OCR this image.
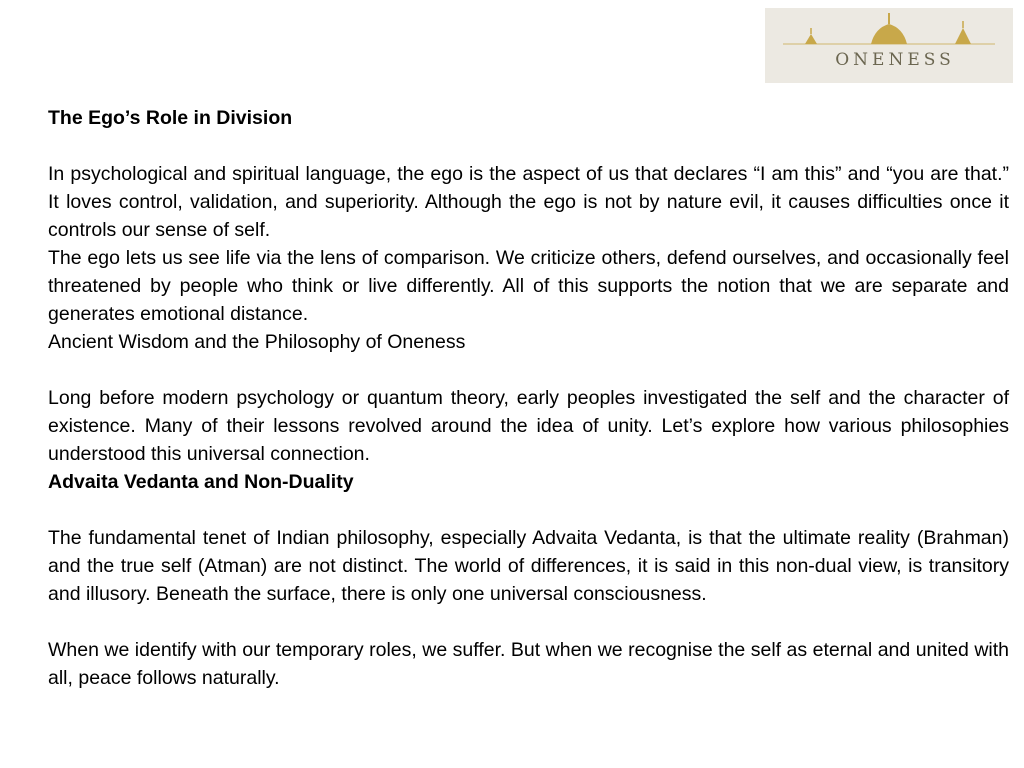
ONENESS

The Ego’s Role in Division

In psychological and spiritual language, the ego is the aspect of us that declares “I am this” and “you are that.” It loves control, validation, and superiority. Although the ego is not by nature evil, it causes difficulties once it controls our sense of self.

The ego lets us see life via the lens of comparison. We criticize others, defend ourselves, and occasionally feel threatened by people who think or live differently. All of this supports the notion that we are separate and generates emotional distance.

Ancient Wisdom and the Philosophy of Oneness

Long before modern psychology or quantum theory, early peoples investigated the self and the character of existence. Many of their lessons revolved around the idea of unity. Let’s explore how various philosophies understood this universal connection.

Advaita Vedanta and Non-Duality

The fundamental tenet of Indian philosophy, especially Advaita Vedanta, is that the ultimate reality (Brahman) and the true self (Atman) are not distinct. The world of differences, it is said in this non-dual view, is transitory and illusory. Beneath the surface, there is only one universal consciousness.

When we identify with our temporary roles, we suffer. But when we recognise the self as eternal and united with all, peace follows naturally.
